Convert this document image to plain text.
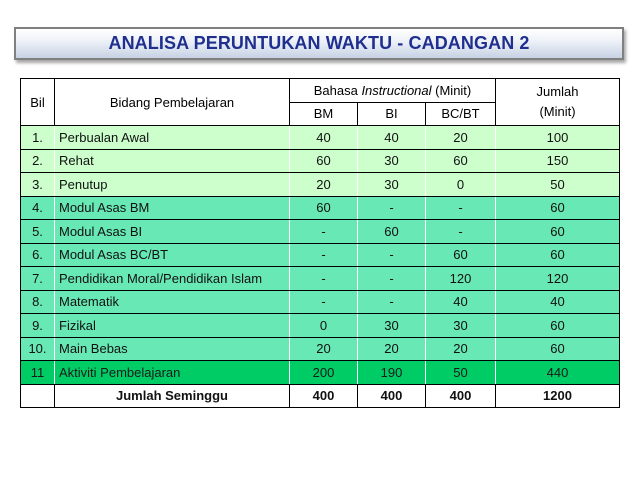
ANALISA PERUNTUKAN WAKTU - CADANGAN 2
Bil	Bidang Pembelajaran	Bahasa Instructional (Minit)			Jumlah
(Minit)
		BM	BI	BC/BT	
1.	Perbualan Awal	40	40	20	100
2.	Rehat	60	30	60	150
3.	Penutup	20	30	0	50
4.	Modul Asas BM	60	-	-	60
5.	Modul Asas BI	-	60	-	60
6.	Modul Asas BC/BT	-	-	60	60
7.	Pendidikan Moral/Pendidikan Islam	-	-	120	120
8.	Matematik	-	-	40	40
9.	Fizikal	0	30	30	60
10.	Main Bebas	20	20	20	60
11	Aktiviti Pembelajaran	200	190	50	440
	Jumlah Seminggu	400	400	400	1200
